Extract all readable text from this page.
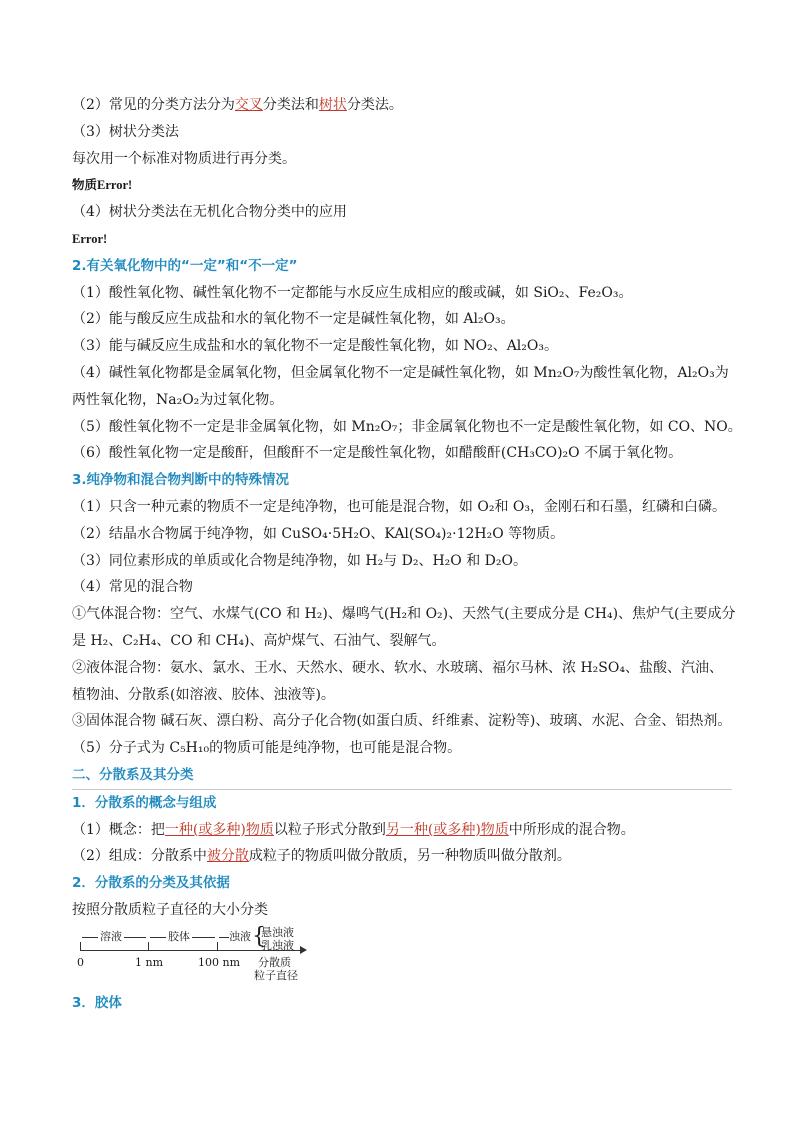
（2）常见的分类方法分为交叉分类法和树状分类法。
（3）树状分类法
每次用一个标准对物质进行再分类。
物质Error!
（4）树状分类法在无机化合物分类中的应用
Error!
2.有关氧化物中的“一定”和“不一定”
（1）酸性氧化物、碱性氧化物不一定都能与水反应生成相应的酸或碱，如 SiO₂、Fe₂O₃。
（2）能与酸反应生成盐和水的氧化物不一定是碱性氧化物，如 Al₂O₃。
（3）能与碱反应生成盐和水的氧化物不一定是酸性氧化物，如 NO₂、Al₂O₃。
（4）碱性氧化物都是金属氧化物，但金属氧化物不一定是碱性氧化物，如 Mn₂O₇为酸性氧化物，Al₂O₃为
两性氧化物，Na₂O₂为过氧化物。
（5）酸性氧化物不一定是非金属氧化物，如 Mn₂O₇；非金属氧化物也不一定是酸性氧化物，如 CO、NO。
（6）酸性氧化物一定是酸酐，但酸酐不一定是酸性氧化物，如醋酸酐(CH₃CO)₂O 不属于氧化物。
3.纯净物和混合物判断中的特殊情况
（1）只含一种元素的物质不一定是纯净物，也可能是混合物，如 O₂和 O₃，金刚石和石墨，红磷和白磷。
（2）结晶水合物属于纯净物，如 CuSO₄·5H₂O、KAl(SO₄)₂·12H₂O 等物质。
（3）同位素形成的单质或化合物是纯净物，如 H₂与 D₂、H₂O 和 D₂O。
（4）常见的混合物
①气体混合物：空气、水煤气(CO 和 H₂)、爆鸣气(H₂和 O₂)、天然气(主要成分是 CH₄)、焦炉气(主要成分
是 H₂、C₂H₄、CO 和 CH₄)、高炉煤气、石油气、裂解气。
②液体混合物：氨水、氯水、王水、天然水、硬水、软水、水玻璃、福尔马林、浓 H₂SO₄、盐酸、汽油、
植物油、分散系(如溶液、胶体、浊液等)。
③固体混合物 碱石灰、漂白粉、高分子化合物(如蛋白质、纤维素、淀粉等)、玻璃、水泥、合金、铝热剂。
（5）分子式为 C₅H₁₀的物质可能是纯净物，也可能是混合物。
二、分散系及其分类
1．分散系的概念与组成
（1）概念：把一种(或多种)物质以粒子形式分散到另一种(或多种)物质中所形成的混合物。
（2）组成：分散系中被分散成粒子的物质叫做分散质，另一种物质叫做分散剂。
2．分散系的分类及其依据
按照分散质粒子直径的大小分类
溶液	胶体	浊液 {
悬浊液
乳浊液
0	1 nm	100 nm 分散质
粒子直径
3．胶体
